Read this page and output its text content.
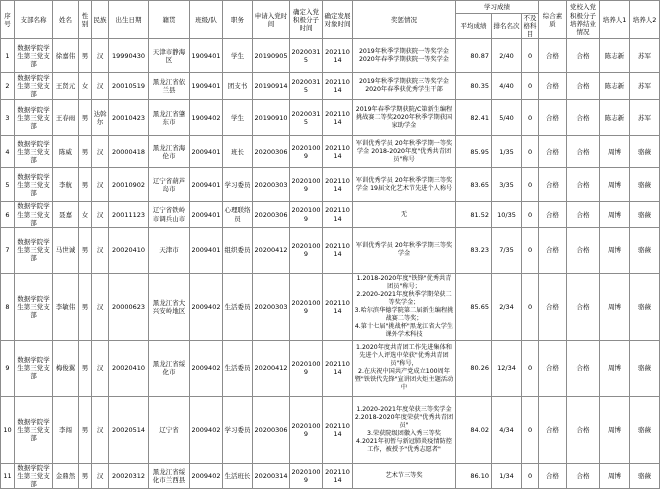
序号	支部名称	姓名	性别	民族	出生日期	籍贯	班级/队	职务	申请入党时间	确定入党积极分子时间	确定发展对象时间	奖惩情况	学习成绩			综合素质	党校入党积极分子培养结业情况	培养人1	培养人2
													平均成绩	排名名次	不及格科目				
1	数据学院学生第三党支部	徐嘉伟	男	汉	19990430	天津市静海区	1909401	学生	20190905	20200315	20211014	2019年秋季学期获院一等奖学金
2020年春季学期获院一等奖学金	80.87	2/40	0	合格	合格	陈志新	苏军
2	数据学院学生第三党支部	王贤元	女	汉	20010519	黑龙江省依兰县	1909401	团支书	20190914	20200315	20211014	2019年秋季学期获院三等奖学金
2020年春季获优秀学生干部	80.35	4/40	0	合格	合格	陈志新	苏军
3	数据学院学生第三党支部	王春雨	男	达斡尔	20010423	黑龙江省肇东市	1909402	学生	20190910	20200315	20211014	2019年春季学期获院/C第新生编程挑战赛二等奖2020年秋季学期获国家助学金	82.41	5/40	0	合格	合格	陈志新	苏军
4	数据学院学生第三党支部	陈威	男	汉	20000418	黑龙江省海伦市	2009401	班长	20200306	20201009	20211014	军训优秀学员 20年秋季学期一等奖学金 2018-2020年度"优秀共青团员"称号	85.95	1/35	0	合格	合格	周博	骆薇
5	数据学院学生第三党支部	李航	男	汉	20010902	辽宁省葫芦岛市	2009401	学习委员	20200303	20201009	20211014	军训优秀学员 20年秋季学期三等奖学金 19届文化艺术节先进个人称号	83.65	3/35	0	合格	合格	周博	骆薇
6	数据学院学生第三党支部	聂嘉	女	汉	20011123	辽宁省铁岭市调兵山市	2009401	心理联络员	20200306	20201009	20211014	无	81.52	10/35	0	合格	合格	周博	骆薇
7	数据学院学生第三党支部	马世诚	男	汉	20020410	天津市	2009401	组织委员	20200412	20201009	20211014	军训优秀学员 20年秋季学期三等奖学金	83.23	7/35	0	合格	合格	周博	骆薇
8	数据学院学生第三党支部	李敏伟	男	汉	20000623	黑龙江省大兴安岭地区	2009402	生活委员	20200303	20201009	20211014	1.2018-2020年度"铁锋"优秀共青团员"称号；
2.2020-2021年度秋季学期荣获二等奖学金；
3.哈尔滨华德学院第二届新生编程挑战赛二等奖；
4.第十七届"挑战杯"黑龙江省大学生课外学术科技	85.65	2/34	0	合格	合格	周博	骆薇
9	数据学院学生第三党支部	梅俊翼	男	汉	20020410	黑龙江省绥化市	2009402	生活委员	20200412	20201009	20211014	1.2020年度共青团工作先进集体和先进个人评选中荣获"优秀共青团员"称号，
2.在庆祝中国共产党成立100周年暨"铁铁代先锋"宣讲团火炬主题活动中	80.26	12/34	0	合格	合格	周博	骆薇
10	数据学院学生第三党支部	李闯	男	汉	20020514	辽宁省	2009402	学习委员	20200306	20201009	20211014	1.2020-2021年度荣获三等奖学金
2.2018-2020年度荣获"优秀共青团员"
3.荣获院级团徽入秀三等奖
4.2021年初暂与新冠肺炎疫情防控工作，被授予"优秀志愿者"	84.02	4/34	0	合格	合格	周博	骆薇
11	数据学院学生第三党支部	金鼎然	男	汉	20020312	黑龙江省绥化市兰西县	2009402	生活班长	20200314	20201009	20211014	艺术节三等奖	86.10	1/34	0	合格	合格	周博	骆薇
